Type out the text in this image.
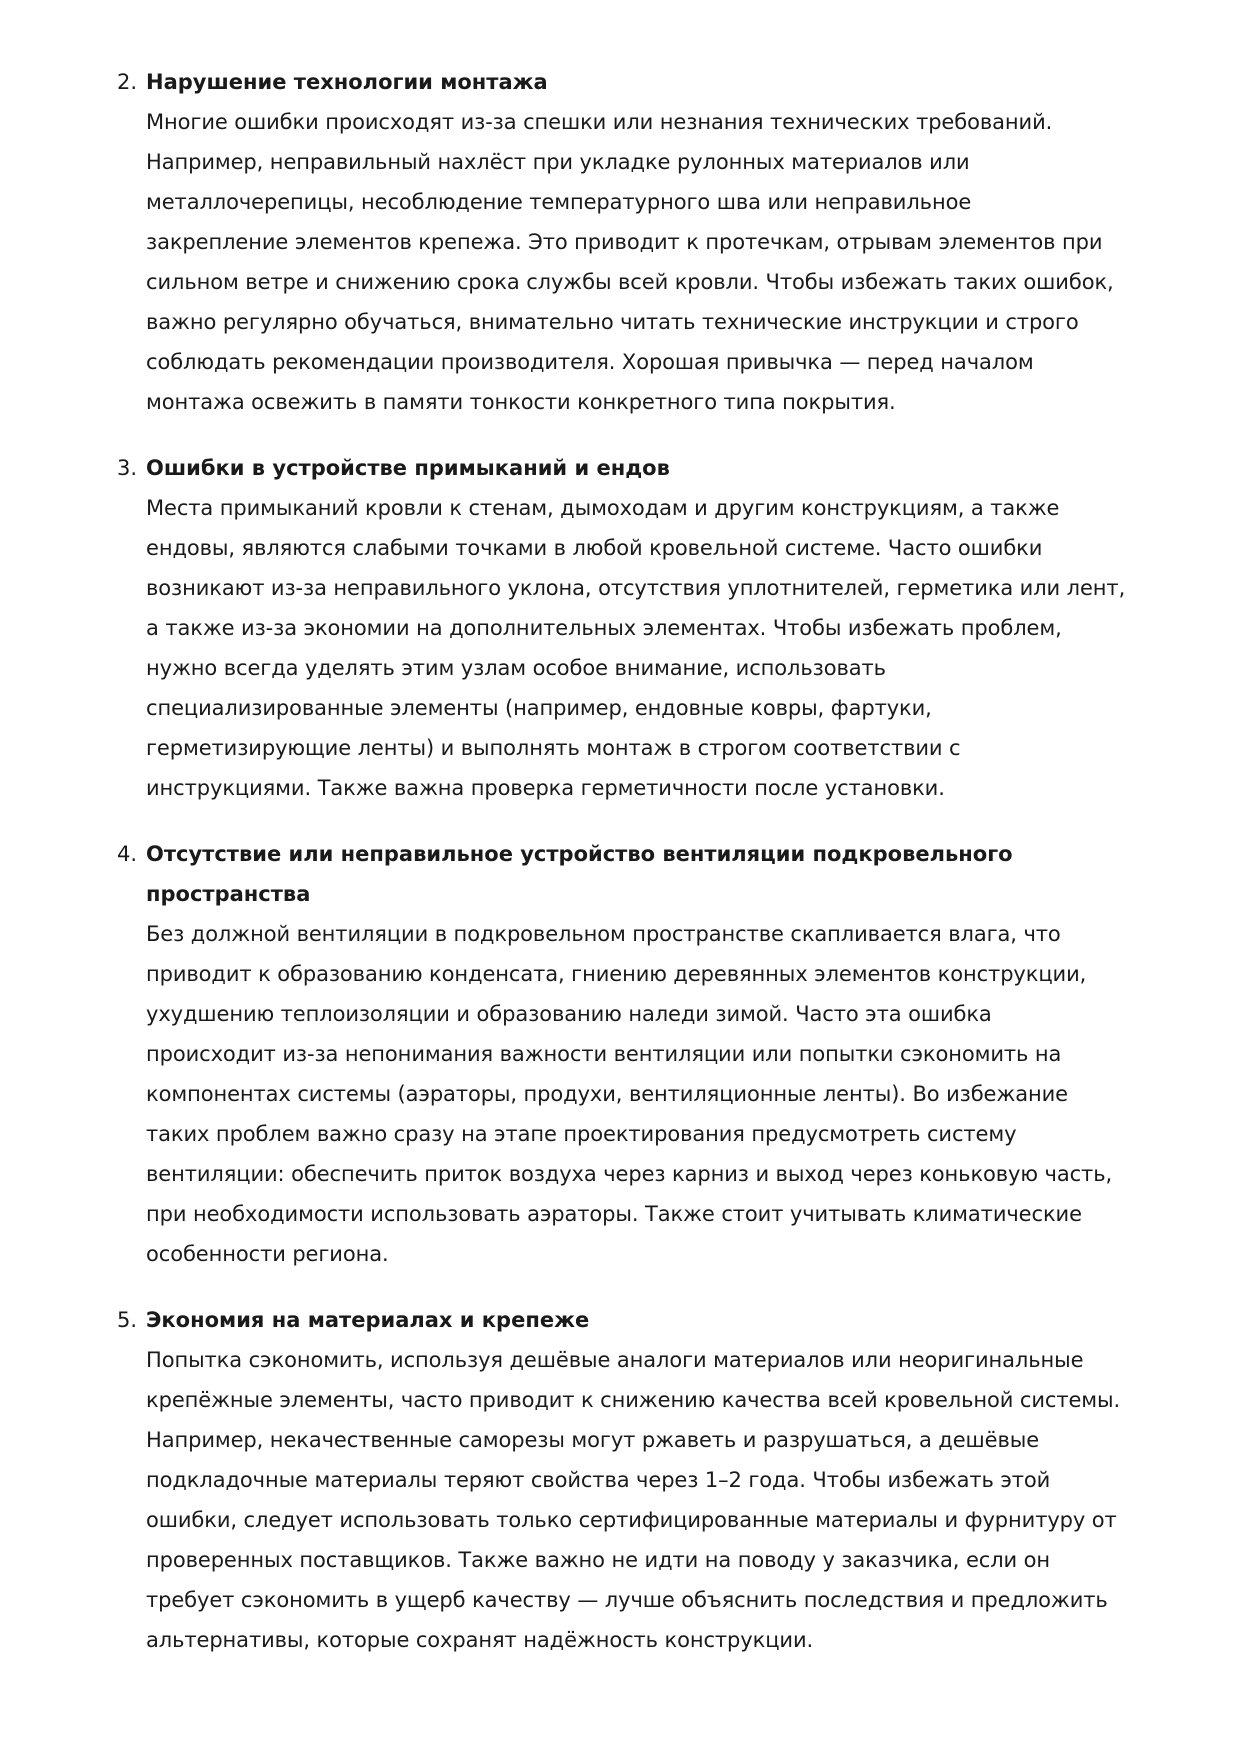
2. Нарушение технологии монтажа

Многие ошибки происходят из-за спешки или незнания технических требований.
Например, неправильный нахлёст при укладке рулонных материалов или
металлочерепицы, несоблюдение температурного шва или неправильное
закрепление элементов крепежа. Это приводит к протечкам, отрывам элементов при
сильном ветре и снижению срока службы всей кровли. Чтобы избежать таких ошибок,
важно регулярно обучаться, внимательно читать технические инструкции и строго
соблюдать рекомендации производителя. Хорошая привычка — перед началом
монтажа освежить в памяти тонкости конкретного типа покрытия.

3. Ошибки в устройстве примыканий и ендов

Места примыканий кровли к стенам, дымоходам и другим конструкциям, а также
ендовы, являются слабыми точками в любой кровельной системе. Часто ошибки
возникают из-за неправильного уклона, отсутствия уплотнителей, герметика или лент,
а также из-за экономии на дополнительных элементах. Чтобы избежать проблем,
нужно всегда уделять этим узлам особое внимание, использовать
специализированные элементы (например, ендовные ковры, фартуки,
герметизирующие ленты) и выполнять монтаж в строгом соответствии с
инструкциями. Также важна проверка герметичности после установки.

4. Отсутствие или неправильное устройство вентиляции подкровельного
пространства

Без должной вентиляции в подкровельном пространстве скапливается влага, что
приводит к образованию конденсата, гниению деревянных элементов конструкции,
ухудшению теплоизоляции и образованию наледи зимой. Часто эта ошибка
происходит из-за непонимания важности вентиляции или попытки сэкономить на
компонентах системы (аэраторы, продухи, вентиляционные ленты). Во избежание
таких проблем важно сразу на этапе проектирования предусмотреть систему
вентиляции: обеспечить приток воздуха через карниз и выход через коньковую часть,
при необходимости использовать аэраторы. Также стоит учитывать климатические
особенности региона.

5. Экономия на материалах и крепеже

Попытка сэкономить, используя дешёвые аналоги материалов или неоригинальные
крепёжные элементы, часто приводит к снижению качества всей кровельной системы.
Например, некачественные саморезы могут ржаветь и разрушаться, а дешёвые
подкладочные материалы теряют свойства через 1–2 года. Чтобы избежать этой
ошибки, следует использовать только сертифицированные материалы и фурнитуру от
проверенных поставщиков. Также важно не идти на поводу у заказчика, если он
требует сэкономить в ущерб качеству — лучше объяснить последствия и предложить
альтернативы, которые сохранят надёжность конструкции.
